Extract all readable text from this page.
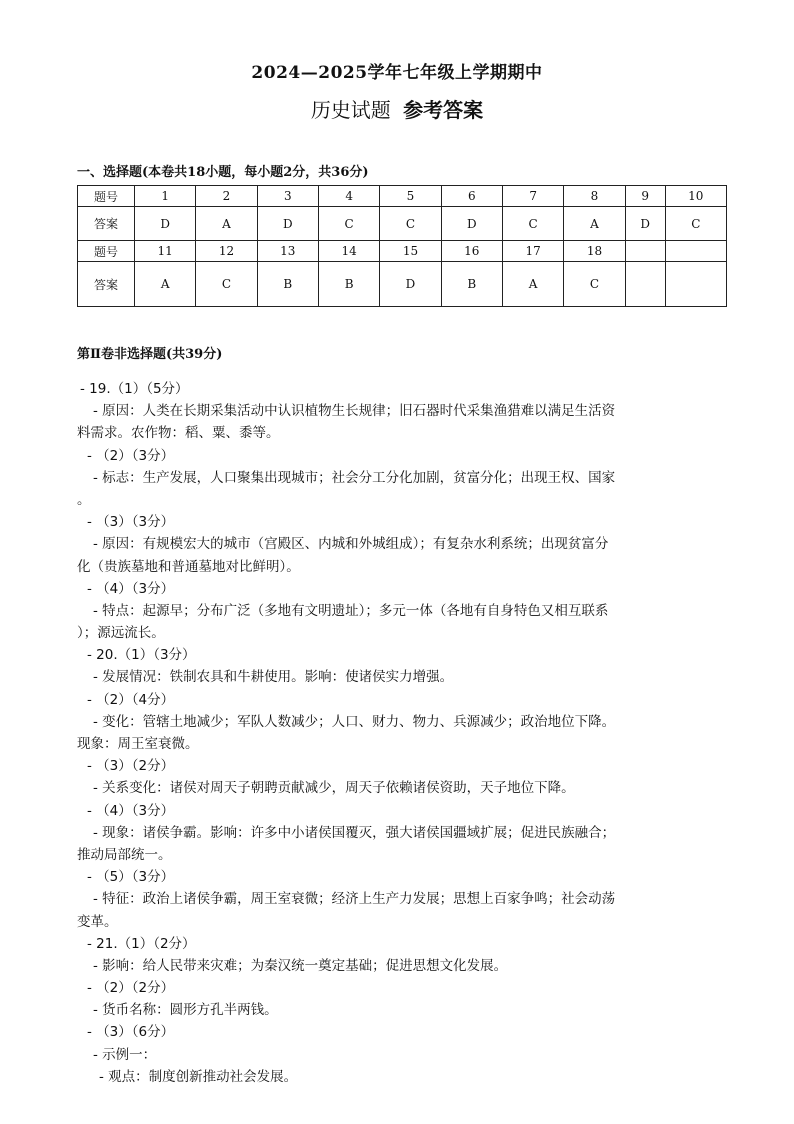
2024—2025学年七年级上学期期中
历史试题 参考答案
一、选择题(本卷共18小题，每小题2分，共36分)
题号	1	2	3	4	5	6	7	8	9	10
答案	D	A	D	C	C	D	C	A	D	C
题号	11	12	13	14	15	16	17	18		
答案	A	C	B	B	D	B	A	C		
第Ⅱ卷非选择题(共39分)
- 19.（1）（5分）
- 原因：人类在长期采集活动中认识植物生长规律；旧石器时代采集渔猎难以满足生活资
料需求。农作物：稻、粟、黍等。
- （2）（3分）
- 标志：生产发展，人口聚集出现城市；社会分工分化加剧，贫富分化；出现王权、国家
。
- （3）（3分）
- 原因：有规模宏大的城市（宫殿区、内城和外城组成）；有复杂水利系统；出现贫富分
化（贵族墓地和普通墓地对比鲜明）。
- （4）（3分）
- 特点：起源早；分布广泛（多地有文明遗址）；多元一体（各地有自身特色又相互联系
）；源远流长。
- 20.（1）（3分）
- 发展情况：铁制农具和牛耕使用。影响：使诸侯实力增强。
- （2）（4分）
- 变化：管辖土地减少；军队人数减少；人口、财力、物力、兵源减少；政治地位下降。
现象：周王室衰微。
- （3）（2分）
- 关系变化：诸侯对周天子朝聘贡献减少，周天子依赖诸侯资助，天子地位下降。
- （4）（3分）
- 现象：诸侯争霸。影响：许多中小诸侯国覆灭，强大诸侯国疆域扩展；促进民族融合；
推动局部统一。
- （5）（3分）
- 特征：政治上诸侯争霸，周王室衰微；经济上生产力发展；思想上百家争鸣；社会动荡
变革。
- 21.（1）（2分）
- 影响：给人民带来灾难；为秦汉统一奠定基础；促进思想文化发展。
- （2）（2分）
- 货币名称：圆形方孔半两钱。
- （3）（6分）
- 示例一：
- 观点：制度创新推动社会发展。
